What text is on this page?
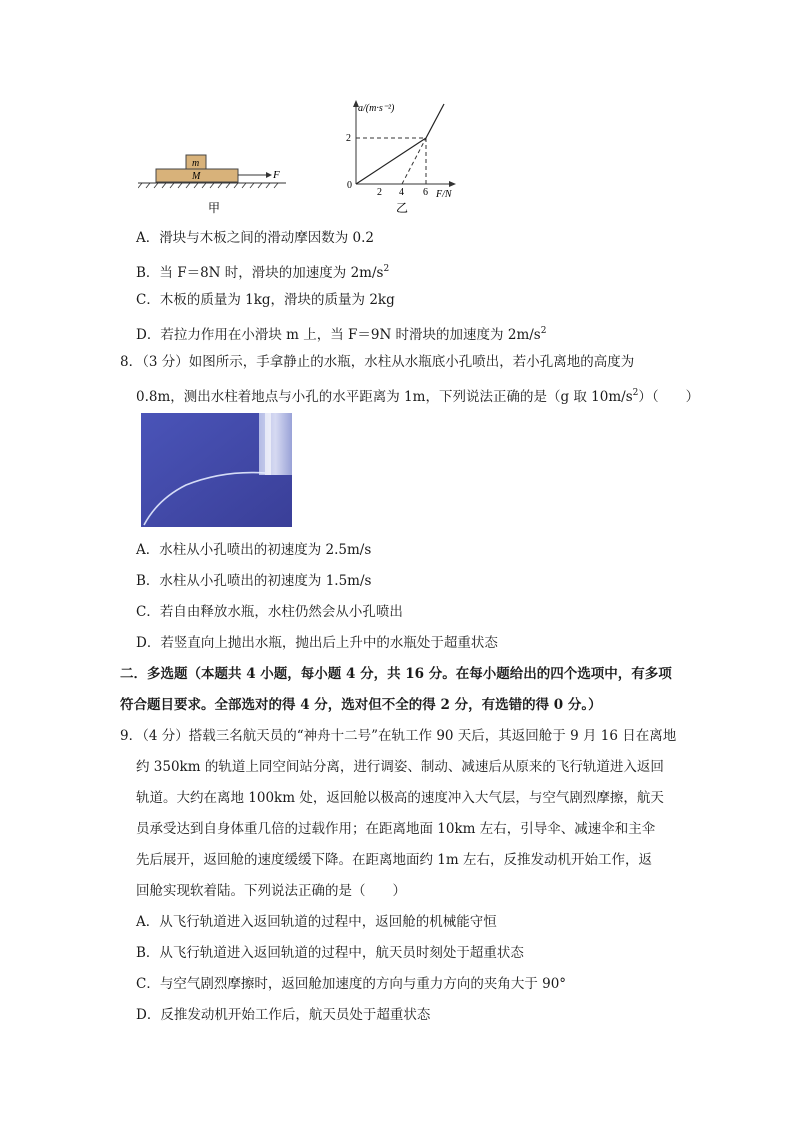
m
M	F
甲
a/(m·s⁻²)
F/N
0
2
2 4 6
乙
A．滑块与木板之间的滑动摩因数为 0.2
B．当 F＝8N 时，滑块的加速度为 $2m/s^2$
C．木板的质量为 1kg，滑块的质量为 2kg
D．若拉力作用在小滑块 m 上，当 F＝9N 时滑块的加速度为 $2m/s^2$
8．（3 分）如图所示，手拿静止的水瓶，水柱从水瓶底小孔喷出，若小孔离地的高度为
0.8m，测出水柱着地点与小孔的水平距离为 1m，下列说法正确的是（g 取 $10m/s^2$）（　　）
A．水柱从小孔喷出的初速度为 2.5m/s
B．水柱从小孔喷出的初速度为 1.5m/s
C．若自由释放水瓶，水柱仍然会从小孔喷出
D．若竖直向上抛出水瓶，抛出后上升中的水瓶处于超重状态
二．多选题（本题共 4 小题，每小题 4 分，共 16 分。在每小题给出的四个选项中，有多项
符合题目要求。全部选对的得 4 分，选对但不全的得 2 分，有选错的得 0 分。）
9．（4 分）搭载三名航天员的“神舟十二号”在轨工作 90 天后，其返回舱于 9 月 16 日在离地
约 350km 的轨道上同空间站分离，进行调姿、制动、减速后从原来的飞行轨道进入返回
轨道。大约在离地 100km 处，返回舱以极高的速度冲入大气层，与空气剧烈摩擦，航天
员承受达到自身体重几倍的过载作用；在距离地面 10km 左右，引导伞、减速伞和主伞
先后展开，返回舱的速度缓缓下降。在距离地面约 1m 左右，反推发动机开始工作，返
回舱实现软着陆。下列说法正确的是（　　）
A．从飞行轨道进入返回轨道的过程中，返回舱的机械能守恒
B．从飞行轨道进入返回轨道的过程中，航天员时刻处于超重状态
C．与空气剧烈摩擦时，返回舱加速度的方向与重力方向的夹角大于 90°
D．反推发动机开始工作后，航天员处于超重状态
